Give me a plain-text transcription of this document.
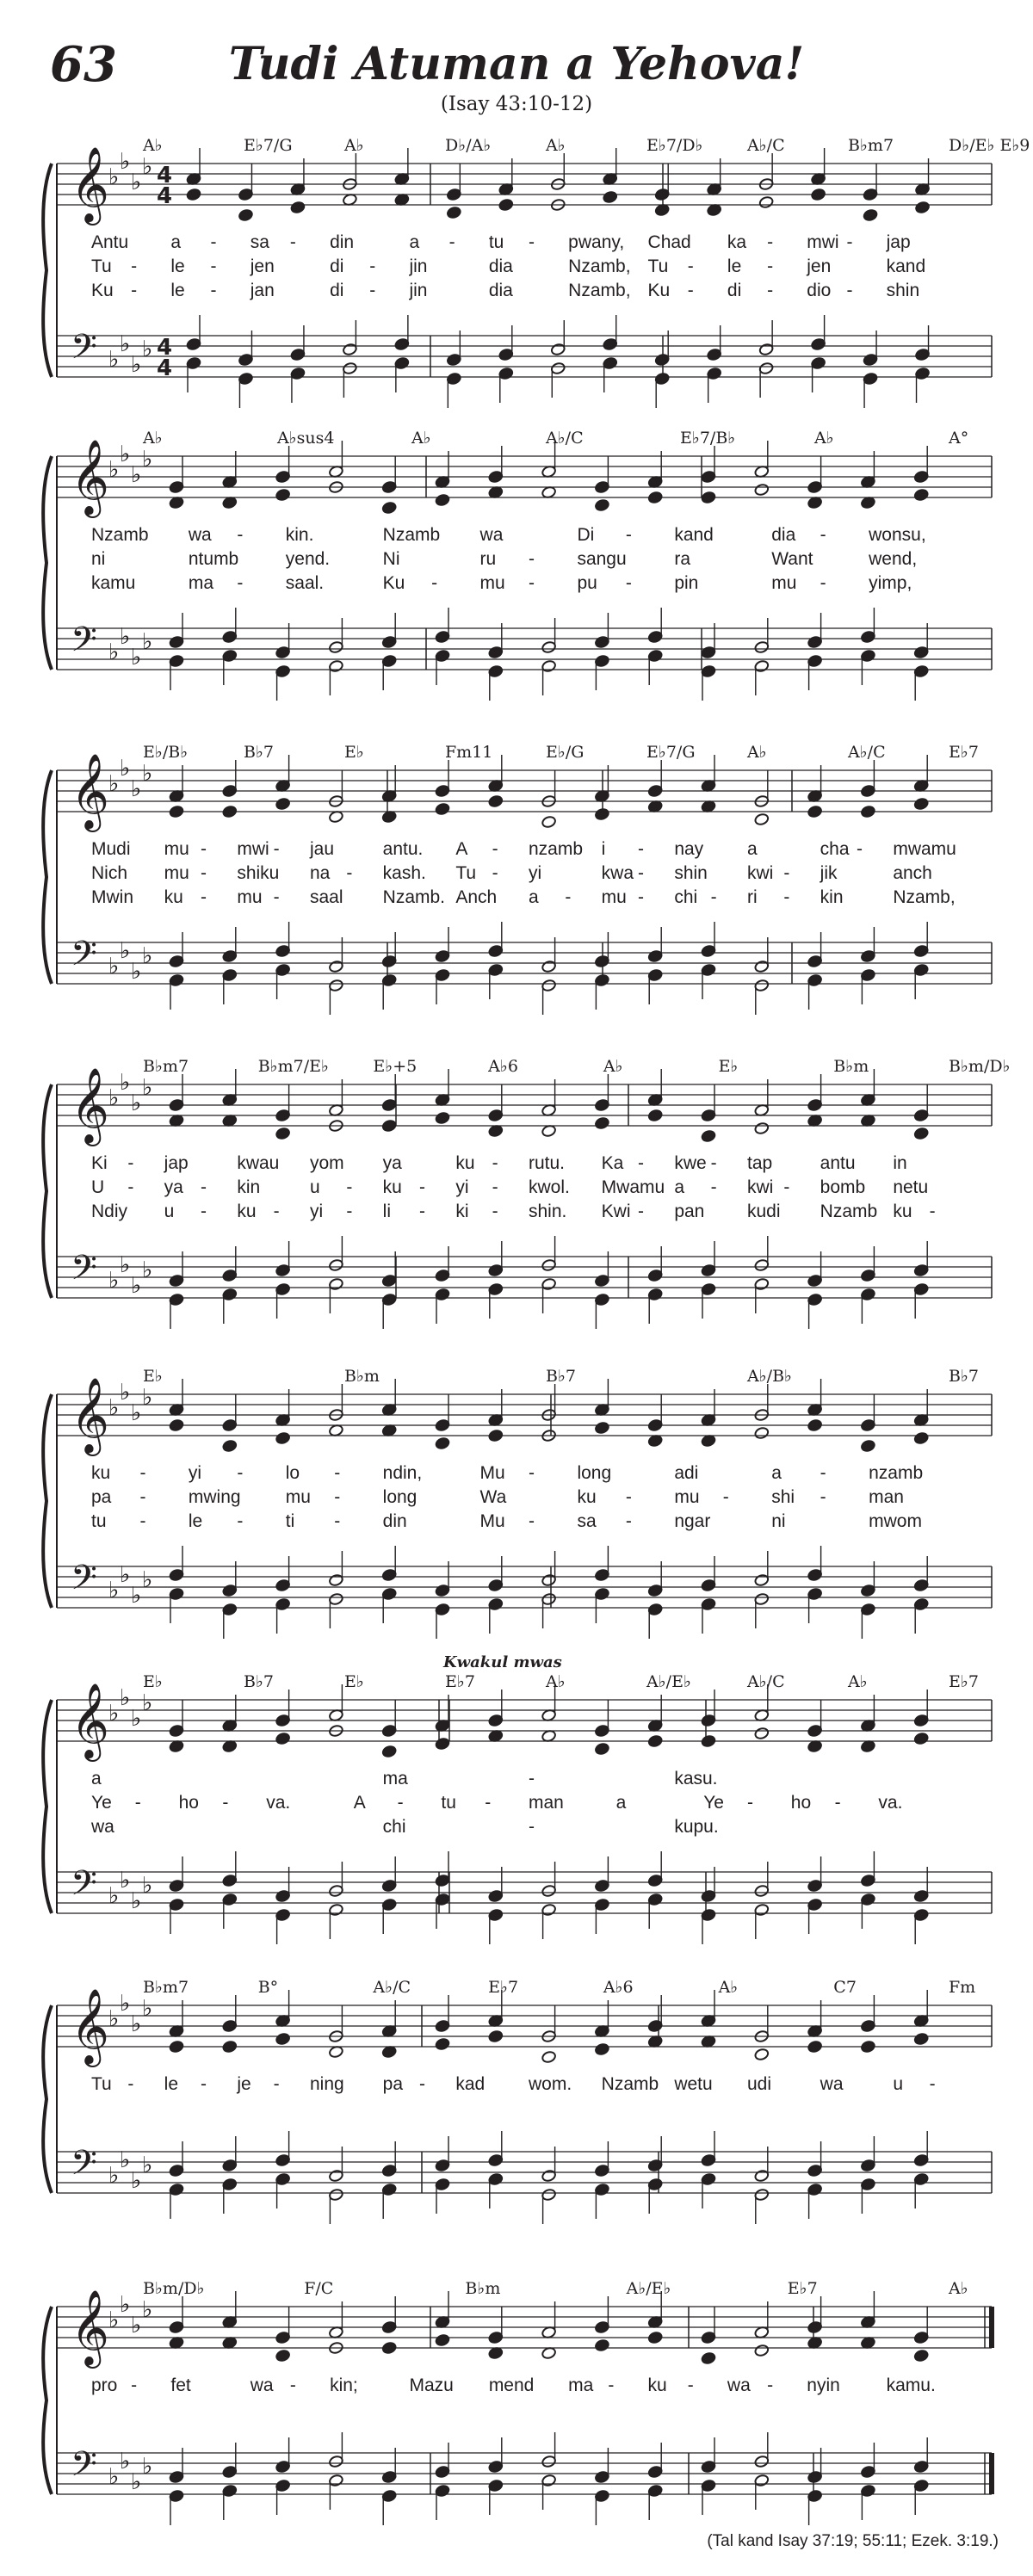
63	Tudi Atuman a Yehova!
(Isay 43:10-12)
𝄞
𝄢
♭
♭
♭
♭
♭
♭
♭
♭
4
4
4
4
A♭	E♭7/G	A♭	D♭/A♭	A♭	E♭7/D♭	A♭/C	B♭m7	D♭/E♭ E♭9
Antu a - sa - din	a - tu - pwany, Chad ka - mwi - jap
Tu - le - jen	di - jin	dia	Nzamb, Tu - le - jen	kand
Ku - le - jan	di - jin	dia	Nzamb, Ku - di - dio - shin
𝄞
𝄢
♭
♭
♭
♭
♭
♭
♭
♭
A♭	A♭sus4	A♭	A♭/C	E♭7/B♭	A♭	A°
Nzamb wa - kin.	Nzamb wa	Di - kand	dia - wonsu,
ni	ntumb	yend.	Ni	ru - sangu	ra	Want	wend,
kamu	ma - saal.	Ku - mu - pu - pin	mu - yimp,
𝄞
𝄢
♭
♭
♭
♭
♭
♭
♭
♭
E♭/B♭	B♭7	E♭	Fm11	E♭/G	E♭7/G	A♭	A♭/C	E♭7
Mudi mu - mwi - jau	antu. A - nzamb i - nay a	cha - mwamu
Nich mu - shiku na - kash. Tu - yi	kwa - shin kwi - jik	anch
Mwin ku - mu - saal Nzamb. Anch a - mu - chi - ri - kin	Nzamb,
𝄞
𝄢
♭
♭
♭
♭
♭
♭
♭
♭
B♭m7	B♭m7/E♭	E♭+5	A♭6	A♭	E♭	B♭m	B♭m/D♭
Ki - jap	kwau yom ya	ku - rutu. Ka - kwe - tap	antu in
U - ya - kin	u - ku - yi - kwol. Mwamu a - kwi - bomb netu
Ndiy u - ku - yi - li - ki - shin. Kwi - pan kudi Nzamb ku -
𝄞
𝄢
♭
♭
♭
♭
♭
♭
♭
♭
E♭	B♭m	B♭7	A♭/B♭	B♭7
ku - yi - lo - ndin,	Mu - long	adi	a - nzamb
pa - mwing mu - long	Wa	ku - mu - shi - man
tu - le - ti - din	Mu - sa - ngar	ni	mwom
𝄞
𝄢
♭
♭
♭
♭
♭
♭
♭
♭
E♭	B♭7	E♭	E♭7	A♭	A♭/E♭	A♭/C	A♭	E♭7
Kwakul mwas
a	ma	-	kasu.
Ye - ho - va.	A - tu - man	a	Ye - ho - va.
wa	chi	-	kupu.
𝄞
𝄢
♭
♭
♭
♭
♭
♭
♭
♭
B♭m7	B°	A♭/C	E♭7	A♭6	A♭	C7	Fm
Tu - le - je - ning pa - kad wom. Nzamb wetu udi	wa	u -
𝄞
𝄢
♭
♭
♭
♭
♭
♭
♭
♭
B♭m/D♭	F/C	B♭m	A♭/E♭	E♭7	A♭
pro - fet	wa - kin;	Mazu mend ma - ku - wa - nyin	kamu.
(Tal kand Isay 37:19; 55:11; Ezek. 3:19.)
